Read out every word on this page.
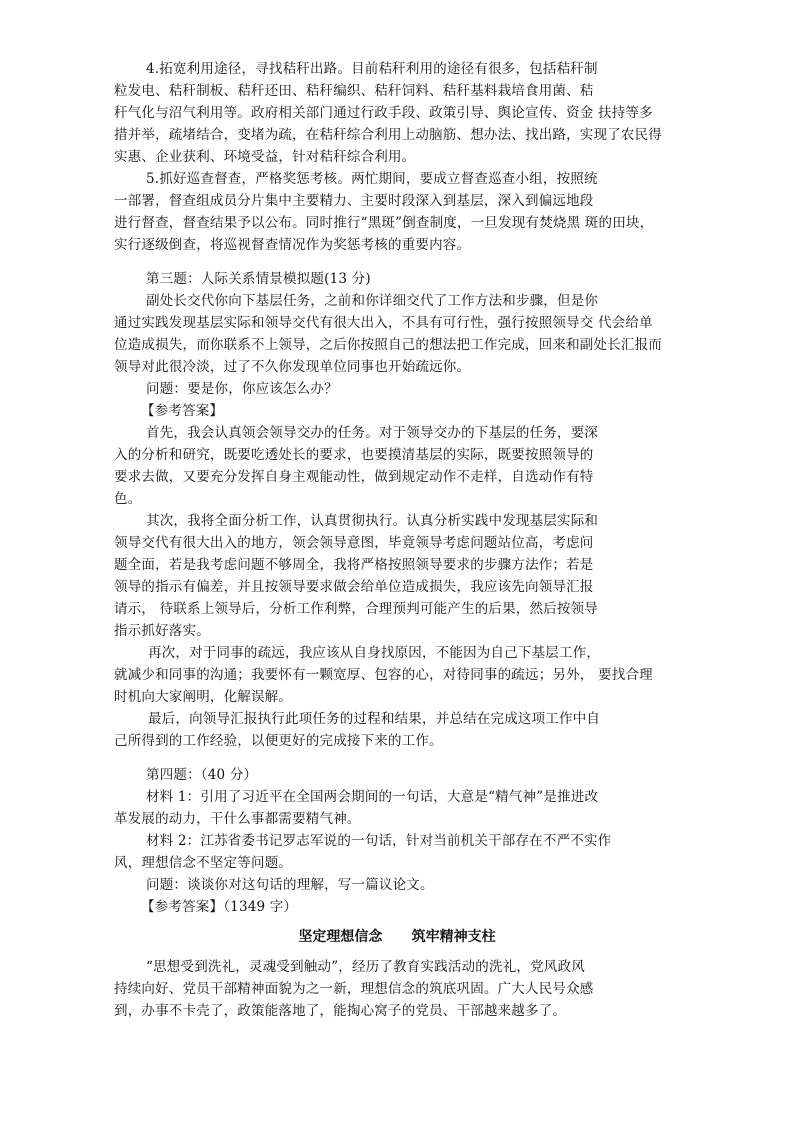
4.拓宽利用途径，寻找秸秆出路。目前秸秆利用的途径有很多，包括秸秆制
粒发电、秸秆制板、秸秆还田、秸秆编织、秸秆饲料、秸秆基料栽培食用菌、秸
秆气化与沼气利用等。政府相关部门通过行政手段、政策引导、舆论宣传、资金 扶持等多
措并举，疏堵结合，变堵为疏，在秸秆综合利用上动脑筋、想办法、找出路，实现了农民得
实惠、企业获利、环境受益，针对秸秆综合利用。
5.抓好巡查督查，严格奖惩考核。两忙期间，要成立督查巡查小组，按照统
一部署，督查组成员分片集中主要精力、主要时段深入到基层，深入到偏远地段
进行督查，督查结果予以公布。同时推行“黑斑”倒查制度，一旦发现有焚烧黑 斑的田块，
实行逐级倒查，将巡视督查情况作为奖惩考核的重要内容。
第三题：人际关系情景模拟题(13 分)
副处长交代你向下基层任务，之前和你详细交代了工作方法和步骤，但是你
通过实践发现基层实际和领导交代有很大出入，不具有可行性，强行按照领导交 代会给单
位造成损失，而你联系不上领导，之后你按照自己的想法把工作完成，回来和副处长汇报而
领导对此很冷淡，过了不久你发现单位同事也开始疏远你。
问题：要是你，你应该怎么办？
【参考答案】
首先，我会认真领会领导交办的任务。对于领导交办的下基层的任务，要深
入的分析和研究，既要吃透处长的要求，也要摸清基层的实际，既要按照领导的
要求去做，又要充分发挥自身主观能动性，做到规定动作不走样，自选动作有特
色。
其次，我将全面分析工作，认真贯彻执行。认真分析实践中发现基层实际和
领导交代有很大出入的地方，领会领导意图，毕竟领导考虑问题站位高，考虑问
题全面，若是我考虑问题不够周全，我将严格按照领导要求的步骤方法作；若是
领导的指示有偏差，并且按领导要求做会给单位造成损失，我应该先向领导汇报
请示， 待联系上领导后，分析工作利弊，合理预判可能产生的后果，然后按领导
指示抓好落实。
再次，对于同事的疏远，我应该从自身找原因，不能因为自己下基层工作，
就减少和同事的沟通；我要怀有一颗宽厚、包容的心，对待同事的疏远；另外， 要找合理
时机向大家阐明，化解误解。
最后，向领导汇报执行此项任务的过程和结果，并总结在完成这项工作中自
己所得到的工作经验，以便更好的完成接下来的工作。
第四题：（40 分）
材料 1：引用了习近平在全国两会期间的一句话，大意是“精气神”是推进改
革发展的动力，干什么事都需要精气神。
材料 2：江苏省委书记罗志军说的一句话，针对当前机关干部存在不严不实作
风，理想信念不坚定等问题。
问题：谈谈你对这句话的理解，写一篇议论文。
【参考答案】（1349 字）
坚定理想信念      筑牢精神支柱
“思想受到洗礼，灵魂受到触动”，经历了教育实践活动的洗礼，党风政风
持续向好、党员干部精神面貌为之一新，理想信念的筑底巩固。广大人民号众感
到，办事不卡壳了，政策能落地了，能掏心窝子的党员、干部越来越多了。
